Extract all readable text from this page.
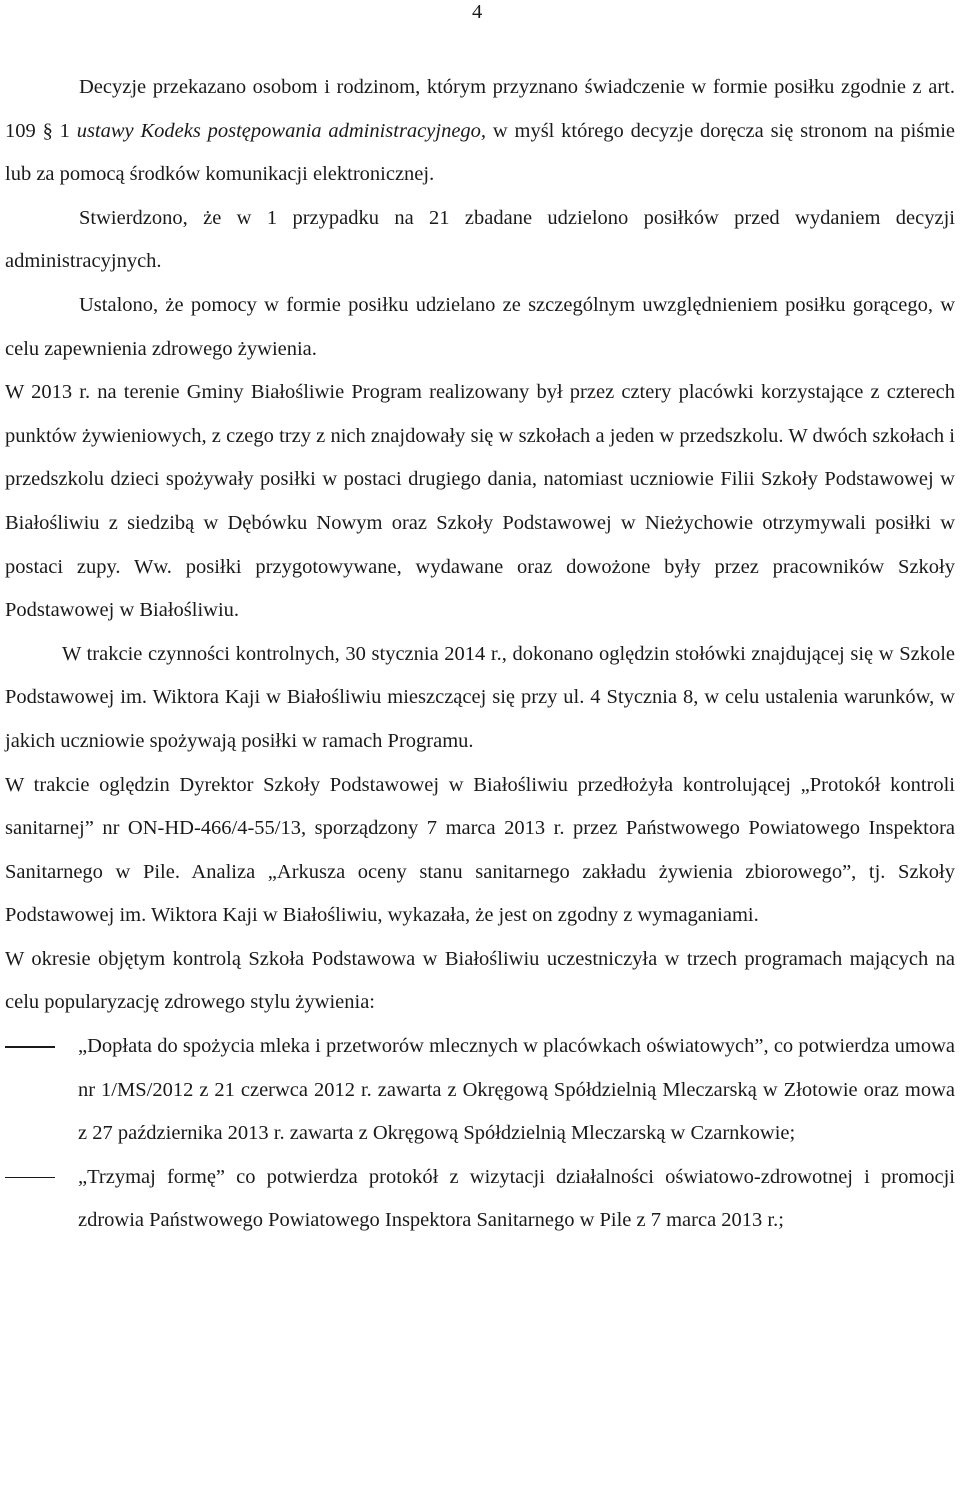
4

Decyzje przekazano osobom i rodzinom, którym przyznano świadczenie w formie posiłku zgodnie z art. 109 § 1 ustawy Kodeks postępowania administracyjnego, w myśl którego decyzje doręcza się stronom na piśmie lub za pomocą środków komunikacji elektronicznej.

Stwierdzono, że w 1 przypadku na 21 zbadane udzielono posiłków przed wydaniem decyzji administracyjnych.

Ustalono, że pomocy w formie posiłku udzielano ze szczególnym uwzględnieniem posiłku gorącego, w celu zapewnienia zdrowego żywienia.

W 2013 r. na terenie Gminy Białośliwie Program realizowany był przez cztery placówki korzystające z czterech punktów żywieniowych, z czego trzy z nich znajdowały się w szkołach a jeden w przedszkolu. W dwóch szkołach i przedszkolu dzieci spożywały posiłki w postaci drugiego dania, natomiast uczniowie Filii Szkoły Podstawowej w Białośliwiu z siedzibą w Dębówku Nowym oraz Szkoły Podstawowej w Nieżychowie otrzymywali posiłki w postaci zupy. Ww. posiłki przygotowywane, wydawane oraz dowożone były przez pracowników Szkoły Podstawowej w Białośliwiu.

W trakcie czynności kontrolnych, 30 stycznia 2014 r., dokonano oględzin stołówki znajdującej się w Szkole Podstawowej im. Wiktora Kaji w Białośliwiu mieszczącej się przy ul. 4 Stycznia 8, w celu ustalenia warunków, w jakich uczniowie spożywają posiłki w ramach Programu.

W trakcie oględzin Dyrektor Szkoły Podstawowej w Białośliwiu przedłożyła kontrolującej „Protokół kontroli sanitarnej” nr ON-HD-466/4-55/13, sporządzony 7 marca 2013 r. przez Państwowego Powiatowego Inspektora Sanitarnego w Pile. Analiza „Arkusza oceny stanu sanitarnego zakładu żywienia zbiorowego”, tj. Szkoły Podstawowej im. Wiktora Kaji w Białośliwiu, wykazała, że jest on zgodny z wymaganiami.

W okresie objętym kontrolą Szkoła Podstawowa w Białośliwiu uczestniczyła w trzech programach mających na celu popularyzację zdrowego stylu żywienia:

„Dopłata do spożycia mleka i przetworów mlecznych w placówkach oświatowych”, co potwierdza umowa nr 1/MS/2012 z 21 czerwca 2012 r. zawarta z Okręgową Spółdzielnią Mleczarską w Złotowie oraz mowa z 27 października 2013 r. zawarta z Okręgową Spółdzielnią Mleczarską w Czarnkowie;
„Trzymaj formę” co potwierdza protokół z wizytacji działalności oświatowo-zdrowotnej i promocji zdrowia Państwowego Powiatowego Inspektora Sanitarnego w Pile z 7 marca 2013 r.;
